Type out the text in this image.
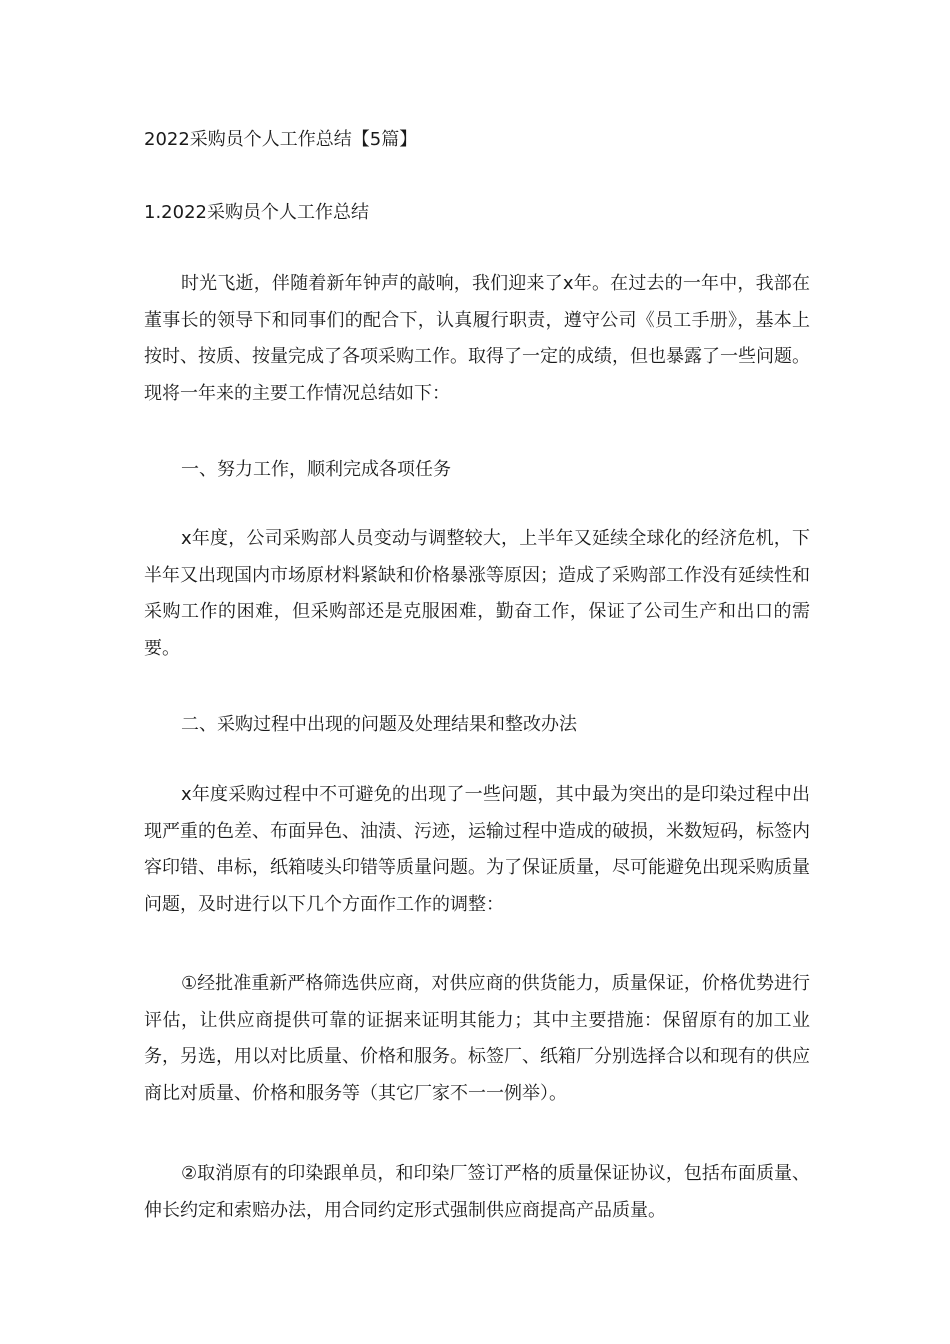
2022采购员个人工作总结【5篇】
1.2022采购员个人工作总结

时光飞逝，伴随着新年钟声的敲响，我们迎来了x年。在过去的一年中，我部在董事长的领导下和同事们的配合下，认真履行职责，遵守公司《员工手册》，基本上按时、按质、按量完成了各项采购工作。取得了一定的成绩，但也暴露了一些问题。现将一年来的主要工作情况总结如下：

一、努力工作，顺利完成各项任务

x年度，公司采购部人员变动与调整较大，上半年又延续全球化的经济危机，下半年又出现国内市场原材料紧缺和价格暴涨等原因；造成了采购部工作没有延续性和采购工作的困难，但采购部还是克服困难，勤奋工作，保证了公司生产和出口的需要。

二、采购过程中出现的问题及处理结果和整改办法

x年度采购过程中不可避免的出现了一些问题，其中最为突出的是印染过程中出现严重的色差、布面异色、油渍、污迹，运输过程中造成的破损，米数短码，标签内容印错、串标，纸箱唛头印错等质量问题。为了保证质量，尽可能避免出现采购质量问题，及时进行以下几个方面作工作的调整：

①经批准重新严格筛选供应商，对供应商的供货能力，质量保证，价格优势进行评估，让供应商提供可靠的证据来证明其能力；其中主要措施：保留原有的加工业务，另选，用以对比质量、价格和服务。标签厂、纸箱厂分别选择合以和现有的供应商比对质量、价格和服务等（其它厂家不一一例举）。

②取消原有的印染跟单员，和印染厂签订严格的质量保证协议，包括布面质量、伸长约定和索赔办法，用合同约定形式强制供应商提高产品质量。
